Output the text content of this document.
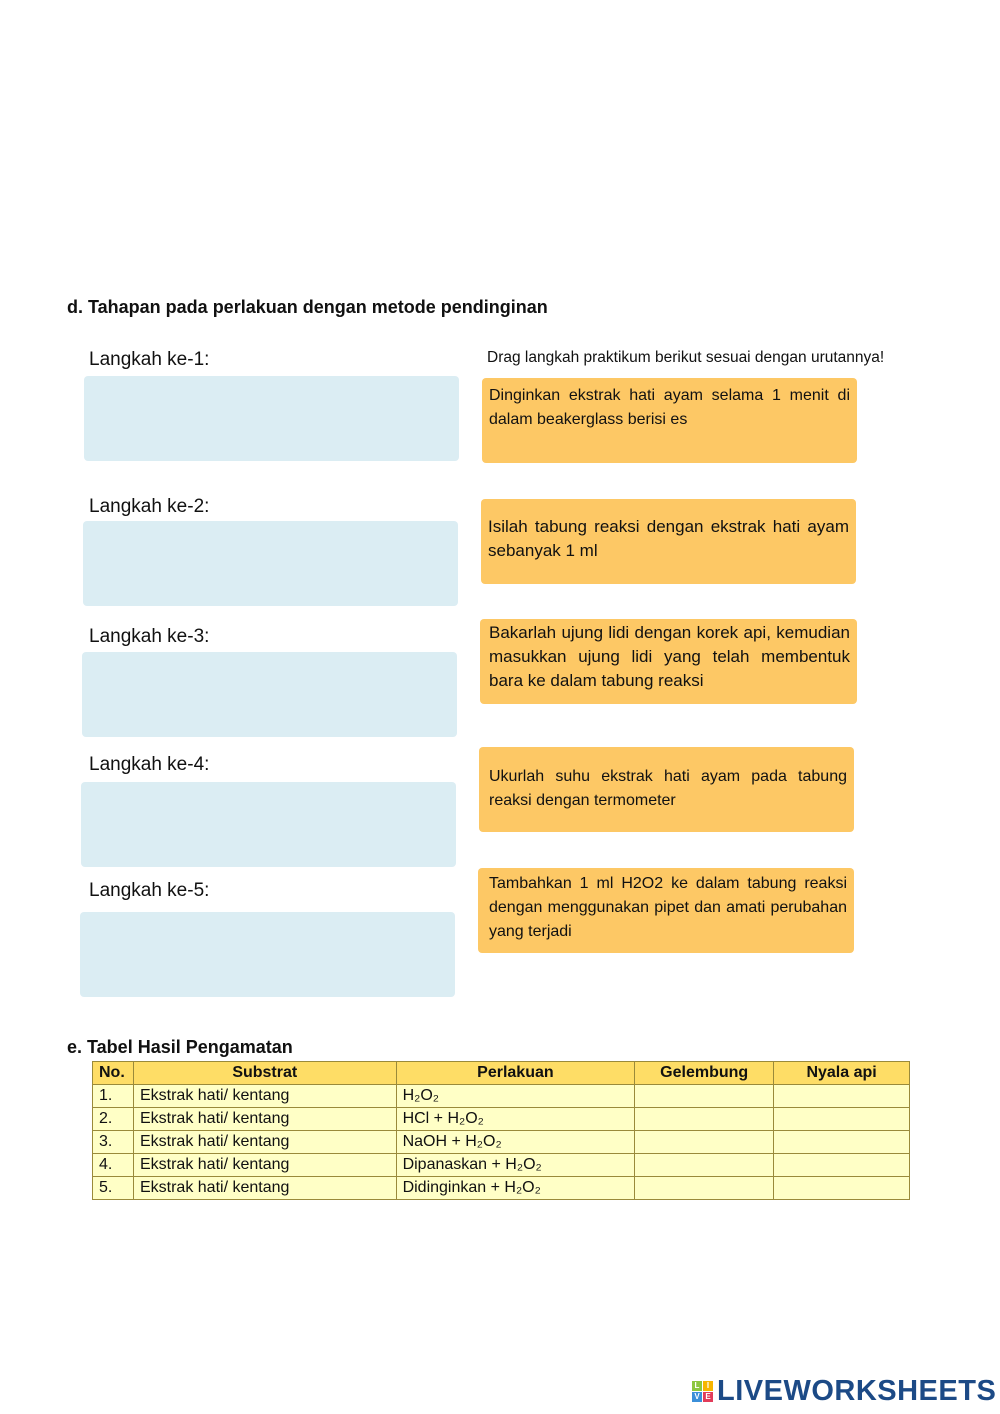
d. Tahapan pada perlakuan dengan metode pendinginan
Drag langkah praktikum berikut sesuai dengan urutannya!
Langkah ke-1:
Langkah ke-2:
Langkah ke-3:
Langkah ke-4:
Langkah ke-5:
Dinginkan ekstrak hati ayam selama 1 menit di dalam beakerglass berisi es
Isilah tabung reaksi dengan ekstrak hati ayam sebanyak 1 ml
Bakarlah ujung lidi dengan korek api, kemudian masukkan ujung lidi yang telah membentuk bara ke dalam tabung reaksi
Ukurlah suhu ekstrak hati ayam pada tabung reaksi dengan termometer
Tambahkan 1 ml H2O2 ke dalam tabung reaksi dengan menggunakan pipet dan amati perubahan yang terjadi
e. Tabel Hasil Pengamatan
No.	Substrat	Perlakuan	Gelembung	Nyala api
1.	Ekstrak hati/ kentang	H₂O₂		
2.	Ekstrak hati/ kentang	HCl + H₂O₂		
3.	Ekstrak hati/ kentang	NaOH + H₂O₂		
4.	Ekstrak hati/ kentang	Dipanaskan + H₂O₂		
5.	Ekstrak hati/ kentang	Didinginkan + H₂O₂		
L I
V E LIVEWORKSHEETS
